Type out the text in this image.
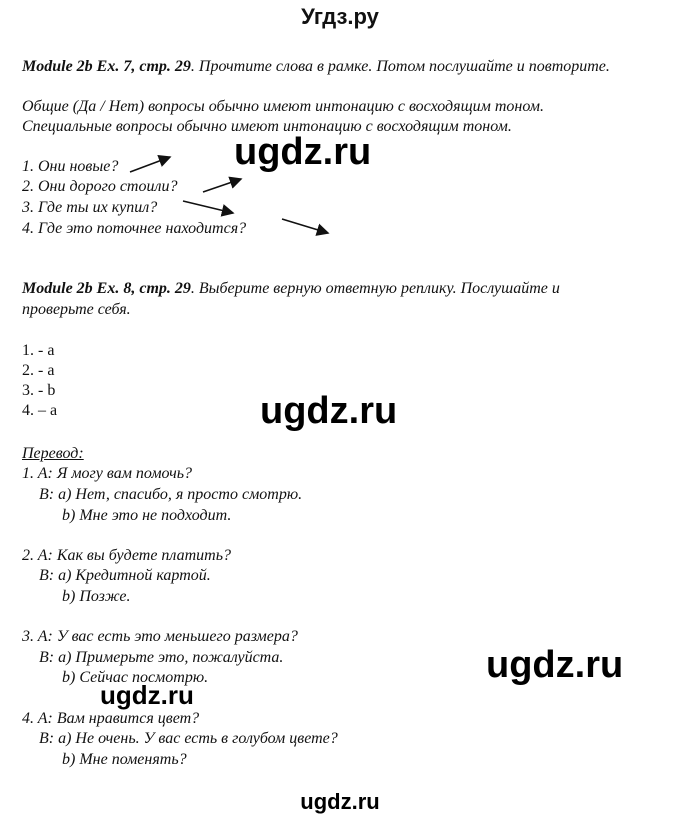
Угдз.ру
Module 2b Ex. 7, стр. 29. Прочтите слова в рамке. Потом послушайте и повторите.
Общие (Да / Нет) вопросы обычно имеют интонацию с восходящим тоном.
Специальные вопросы обычно имеют интонацию с восходящим тоном.
1. Они новые?
2. Они дорого стоили?
3. Где ты их купил?
4. Где это поточнее находится?
Module 2b Ex. 8, стр. 29. Выберите верную ответную реплику. Послушайте и
проверьте себя.
1. - a
2. - a
3. - b
4. – a
Перевод:
1. A: Я могу вам помочь?
B: a) Нет, спасибо, я просто смотрю.
b) Мне это не подходит.
2. A: Как вы будете платить?
B: a) Кредитной картой.
b) Позже.
3. A: У вас есть это меньшего размера?
B: a) Примерьте это, пожалуйста.
b) Сейчас посмотрю.
4. A: Вам нравится цвет?
B: a) Не очень. У вас есть в голубом цвете?
b) Мне поменять?
ugdz.ru
ugdz.ru
ugdz.ru
ugdz.ru
ugdz.ru
